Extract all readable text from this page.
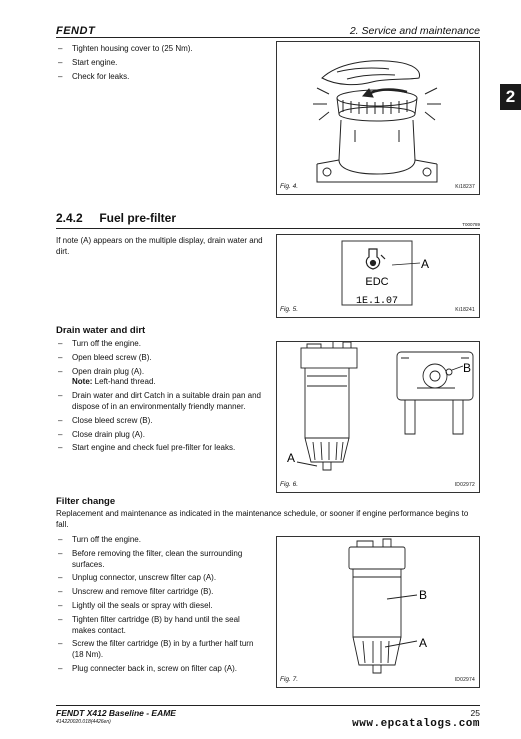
FENDT	2. Service and maintenance
2
– Tighten housing cover to (25 Nm).
– Start engine.
– Check for leaks.
Fig. 4.	Ki18237
2.4.2 Fuel pre-filter	T000789
If note (A) appears on the multiple display, drain water and dirt.
EDC
1E.1.07
A
Fig. 5.	Ki18241
Drain water and dirt
– Turn off the engine.
– Open bleed screw (B).
– Open drain plug (A).
Note: Left-hand thread.
– Drain water and dirt Catch in a suitable drain pan and dispose of in an environmentally friendly manner.
– Close bleed screw (B).
– Close drain plug (A).
– Start engine and check fuel pre-filter for leaks.
A
B
Fig. 6.	ID02972
Filter change
Replacement and maintenance as indicated in the maintenance schedule, or sooner if engine performance begins to fall.
– Turn off the engine.
– Before removing the filter, clean the surrounding surfaces.
– Unplug connector, unscrew filter cap (A).
– Unscrew and remove filter cartridge (B).
– Lightly oil the seals or spray with diesel.
– Tighten filter cartridge (B) by hand until the seal makes contact.
– Screw the filter cartridge (B) in by a further half turn (18 Nm).
– Plug connecter back in, screw on filter cap (A).
B
A
Fig. 7.	ID02974
FENDT X412 Baseline - EAME
414220020.018(4426en)
25
www.epcatalogs.com
